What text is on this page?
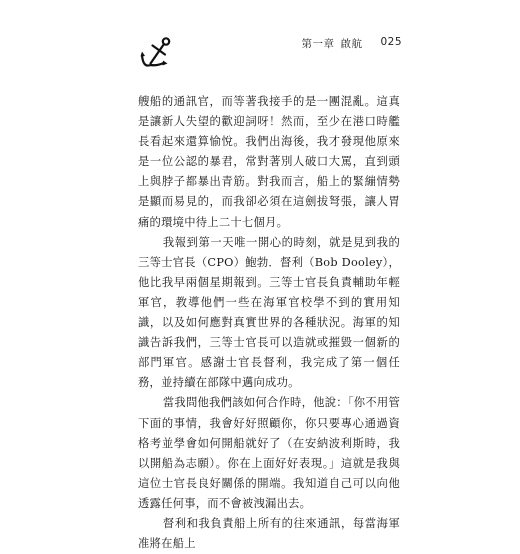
第一章 啟航 025

艘船的通訊官，而等著我接手的是一團混亂。這真是讓新人失望的歡迎詞呀！然而，至少在港口時艦長看起來還算愉悅。我們出海後，我才發現他原來是一位公認的暴君，常對著別人破口大罵，直到頭上與脖子都暴出青筋。對我而言，船上的緊繃情勢是顯而易見的，而我卻必須在這劍拔弩張，讓人胃痛的環境中待上二十七個月。

我報到第一天唯一開心的時刻，就是見到我的三等士官長（CPO）鮑勃．督利（Bob Dooley），他比我早兩個星期報到。三等士官長負責輔助年輕軍官，教導他們一些在海軍官校學不到的實用知識，以及如何應對真實世界的各種狀況。海軍的知識告訴我們，三等士官長可以造就或摧毀一個新的部門軍官。感謝士官長督利，我完成了第一個任務，並持續在部隊中邁向成功。

當我問他我們該如何合作時，他說：「你不用管下面的事情，我會好好照顧你，你只要專心通過資格考並學會如何開船就好了（在安納波利斯時，我以開船為志願）。你在上面好好表現。」這就是我與這位士官長良好關係的開端。我知道自己可以向他透露任何事，而不會被洩漏出去。

督利和我負責船上所有的往來通訊，每當海軍准將在船上
